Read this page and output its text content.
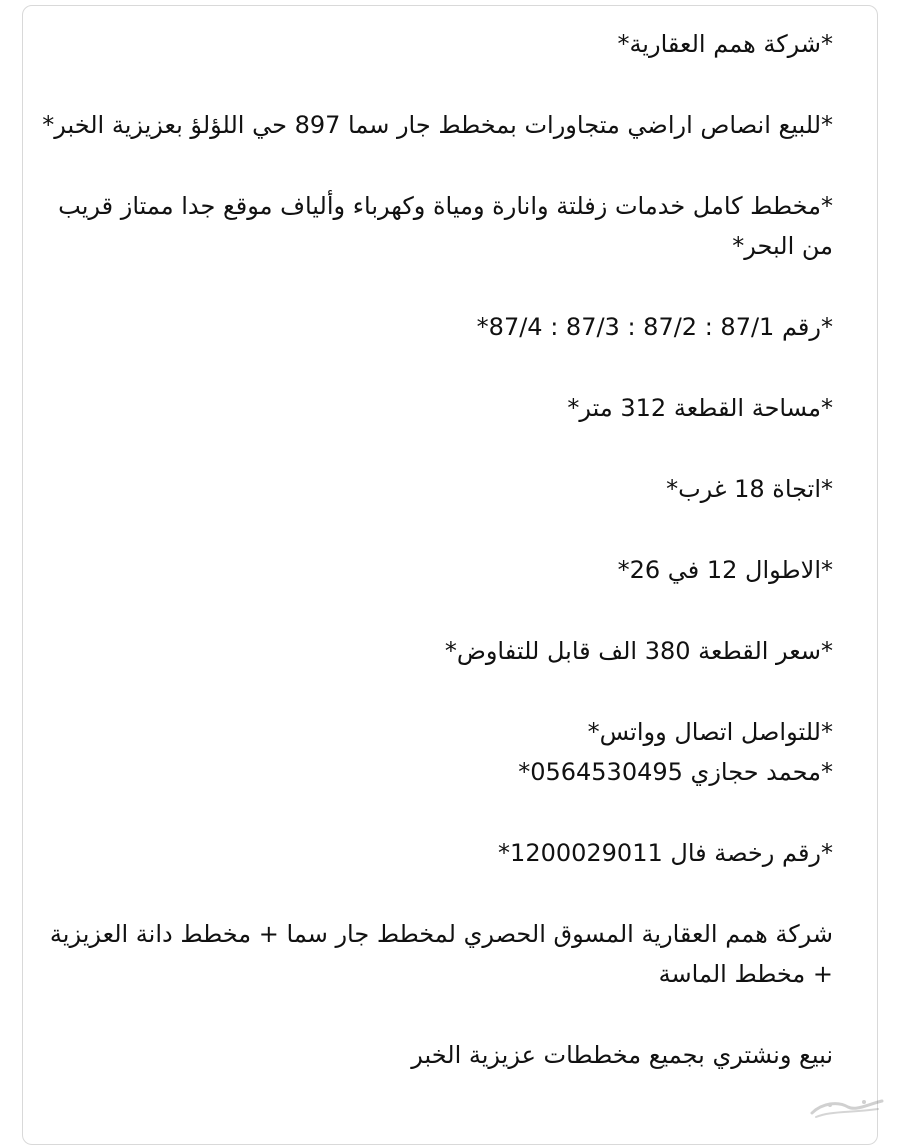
*شركة همم العقارية*

*للبيع انصاص اراضي متجاورات بمخطط جار سما 897 حي اللؤلؤ بعزيزية الخبر*

*مخطط كامل خدمات زفلتة وانارة ومياة وكهرباء وألياف موقع جدا ممتاز قريب من البحر*

*رقم 87/1 : 87/2 : 87/3 : 87/4*

*مساحة القطعة 312 متر*

*اتجاة 18 غرب*

*الاطوال 12 في 26*

*سعر القطعة 380 الف قابل للتفاوض*

*للتواصل اتصال وواتس*

*محمد حجازي 0564530495*

*رقم رخصة فال 1200029011*

شركة همم العقارية المسوق الحصري لمخطط جار سما + مخطط دانة العزيزية + مخطط الماسة

نبيع ونشتري بجميع مخططات عزيزية الخبر
